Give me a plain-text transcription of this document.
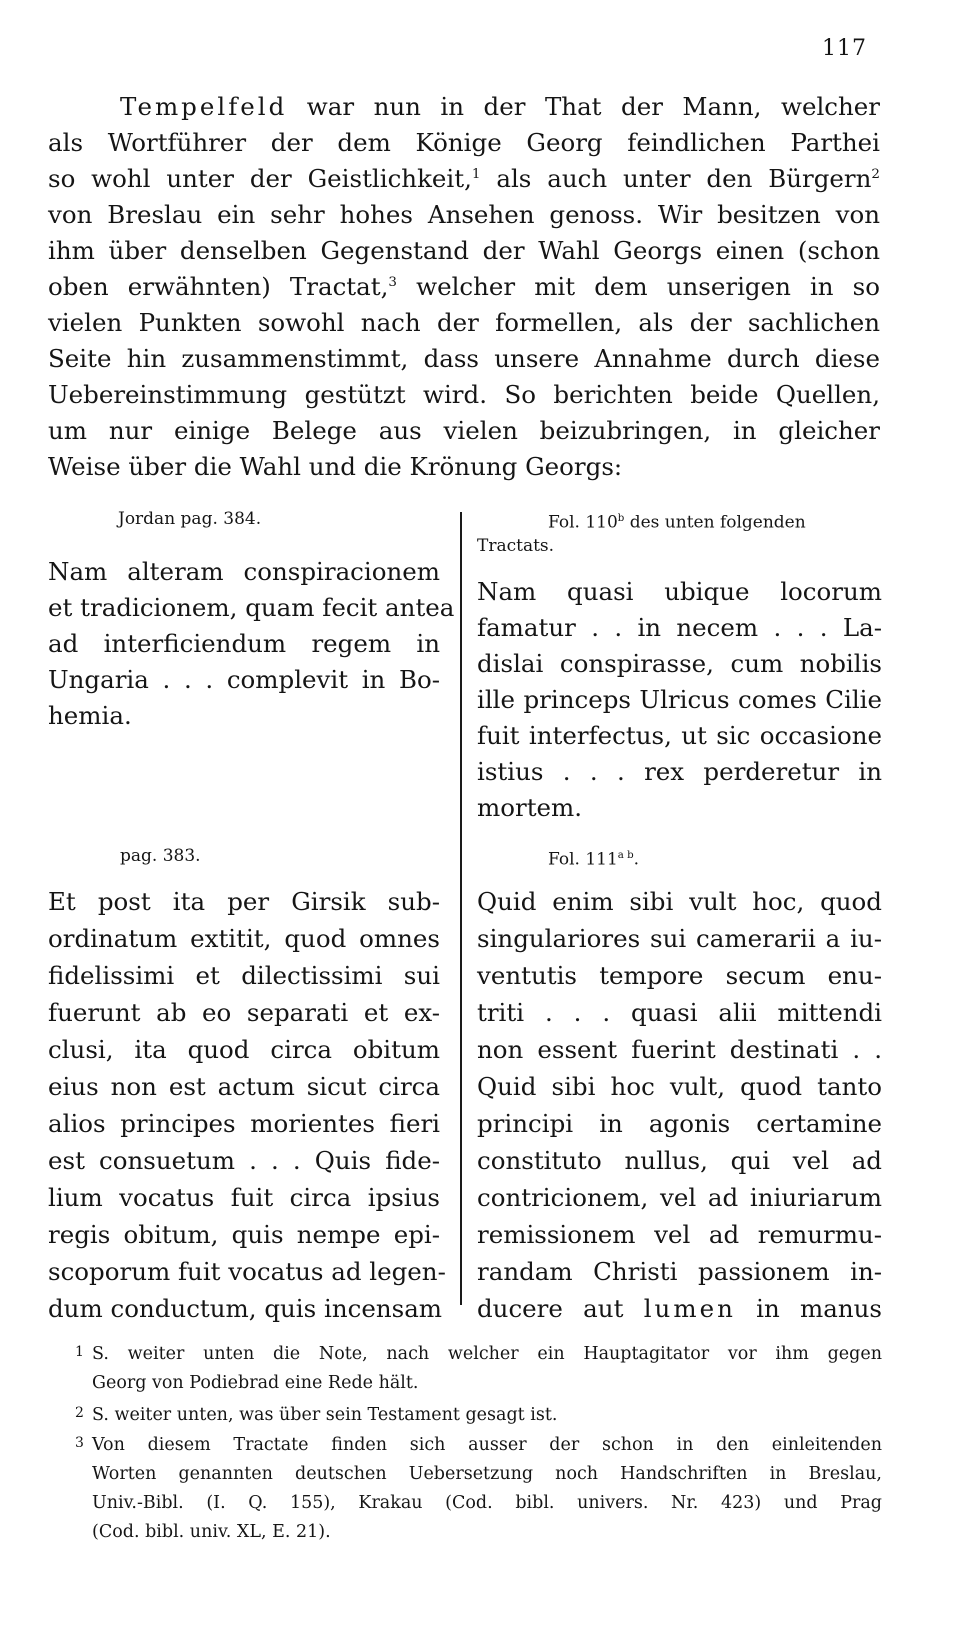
117
Tempelfeld war nun in der That der Mann, welcher
als Wortführer der dem Könige Georg feindlichen Parthei
so wohl unter der Geistlichkeit,$^1$ als auch unter den Bürgern$^2$
von Breslau ein sehr hohes Ansehen genoss. Wir besitzen von
ihm über denselben Gegenstand der Wahl Georgs einen (schon
oben erwähnten) Tractat,$^3$ welcher mit dem unserigen in so
vielen Punkten sowohl nach der formellen, als der sachlichen
Seite hin zusammenstimmt, dass unsere Annahme durch diese
Uebereinstimmung gestützt wird. So berichten beide Quellen,
um nur einige Belege aus vielen beizubringen, in gleicher
Weise über die Wahl und die Krönung Georgs:
Jordan pag. 384.
Nam alteram conspiracionem
et tradicionem, quam fecit antea
ad interficiendum regem in
Ungaria . . . complevit in Bo-
hemia.
pag. 383.
Et post ita per Girsik sub-
ordinatum extitit, quod omnes
fidelissimi et dilectissimi sui
fuerunt ab eo separati et ex-
clusi, ita quod circa obitum
eius non est actum sicut circa
alios principes morientes fieri
est consuetum . . . Quis fide-
lium vocatus fuit circa ipsius
regis obitum, quis nempe epi-
scoporum fuit vocatus ad legen-
dum conductum, quis incensam
Fol. 110$^b$ des unten folgenden
Tractats.
Nam quasi ubique locorum
famatur . . in necem . . . La-
dislai conspirasse, cum nobilis
ille princeps Ulricus comes Cilie
fuit interfectus, ut sic occasione
istius . . . rex perderetur in
mortem.
Fol. $111^{a b}$.
Quid enim sibi vult hoc, quod
singulariores sui camerarii a iu-
ventutis tempore secum enu-
triti . . . quasi alii mittendi
non essent fuerint destinati . .
Quid sibi hoc vult, quod tanto
principi in agonis certamine
constituto nullus, qui vel ad
contricionem, vel ad iniuriarum
remissionem vel ad remurmu-
randam Christi passionem in-
ducere aut lumen in manus
1 S. weiter unten die Note, nach welcher ein Hauptagitator vor ihm gegen
Georg von Podiebrad eine Rede hält.
2 S. weiter unten, was über sein Testament gesagt ist.
3 Von diesem Tractate finden sich ausser der schon in den einleitenden
Worten genannten deutschen Uebersetzung noch Handschriften in Breslau,
Univ.-Bibl. (I. Q. 155), Krakau (Cod. bibl. univers. Nr. 423) und Prag
(Cod. bibl. univ. XL, E. 21).
